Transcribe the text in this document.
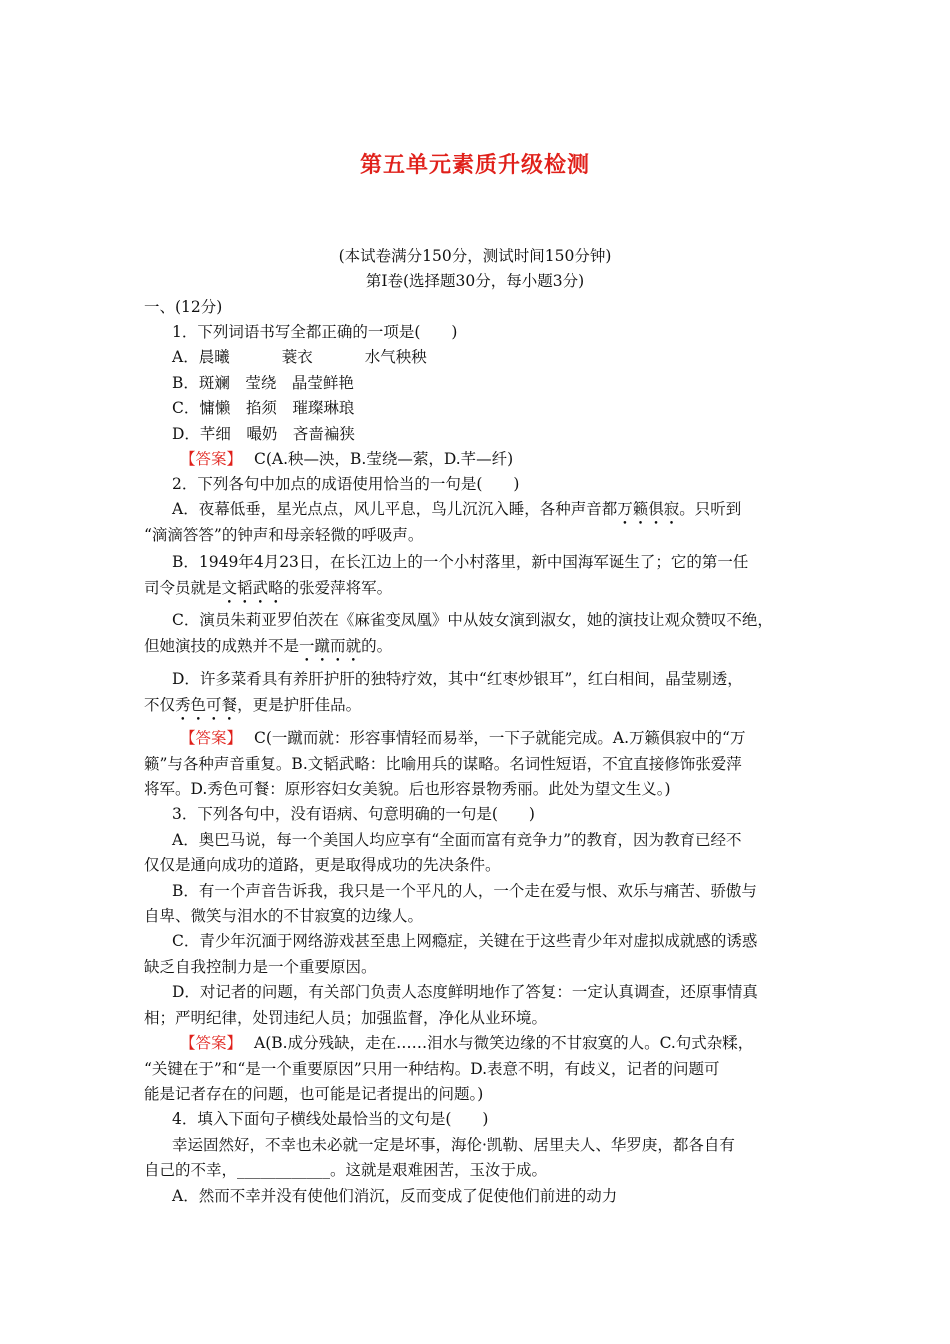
第五单元素质升级检测
(本试卷满分150分，测试时间150分钟)
第Ⅰ卷(选择题30分，每小题3分)
一、(12分)
1．下列词语书写全都正确的一项是(　　)
A．晨曦	蓑衣	水气秧秧
B．斑斓　莹绕　晶莹鲜艳
C．慵懒　掐须　璀璨琳琅
D．芊细　嘬奶　吝啬褊狭
【答案】 C(A.秧—泱，B.莹绕—萦，D.芊—纤)
2．下列各句中加点的成语使用恰当的一句是(　　)
A．夜幕低垂，星光点点，风儿平息，鸟儿沉沉入睡，各种声音都万籁俱寂。只听到
“滴滴答答”的钟声和母亲轻微的呼吸声。
B．1949年4月23日，在长江边上的一个小村落里，新中国海军诞生了；它的第一任
司令员就是文韬武略的张爱萍将军。
C．演员朱莉亚罗伯茨在《麻雀变凤凰》中从妓女演到淑女，她的演技让观众赞叹不绝，
但她演技的成熟并不是一蹴而就的。
D．许多菜肴具有养肝护肝的独特疗效，其中“红枣炒银耳”，红白相间，晶莹剔透，
不仅秀色可餐，更是护肝佳品。
【答案】 C(一蹴而就：形容事情轻而易举，一下子就能完成。A.万籁俱寂中的“万
籁”与各种声音重复。B.文韬武略：比喻用兵的谋略。名词性短语，不宜直接修饰张爱萍
将军。D.秀色可餐：原形容妇女美貌。后也形容景物秀丽。此处为望文生义。)
3．下列各句中，没有语病、句意明确的一句是(　　)
A．奥巴马说，每一个美国人均应享有“全面而富有竞争力”的教育，因为教育已经不
仅仅是通向成功的道路，更是取得成功的先决条件。
B．有一个声音告诉我，我只是一个平凡的人，一个走在爱与恨、欢乐与痛苦、骄傲与
自卑、微笑与泪水的不甘寂寞的边缘人。
C．青少年沉湎于网络游戏甚至患上网瘾症，关键在于这些青少年对虚拟成就感的诱惑
缺乏自我控制力是一个重要原因。
D．对记者的问题，有关部门负责人态度鲜明地作了答复：一定认真调查，还原事情真
相；严明纪律，处罚违纪人员；加强监督，净化从业环境。
【答案】 A(B.成分残缺，走在……泪水与微笑边缘的不甘寂寞的人。C.句式杂糅，
“关键在于”和“是一个重要原因”只用一种结构。D.表意不明，有歧义，记者的问题可
能是记者存在的问题，也可能是记者提出的问题。)
4．填入下面句子横线处最恰当的文句是(　　)
幸运固然好，不幸也未必就一定是坏事，海伦·凯勒、居里夫人、华罗庚，都各自有
自己的不幸，____________。这就是艰难困苦，玉汝于成。
A．然而不幸并没有使他们消沉，反而变成了促使他们前进的动力
